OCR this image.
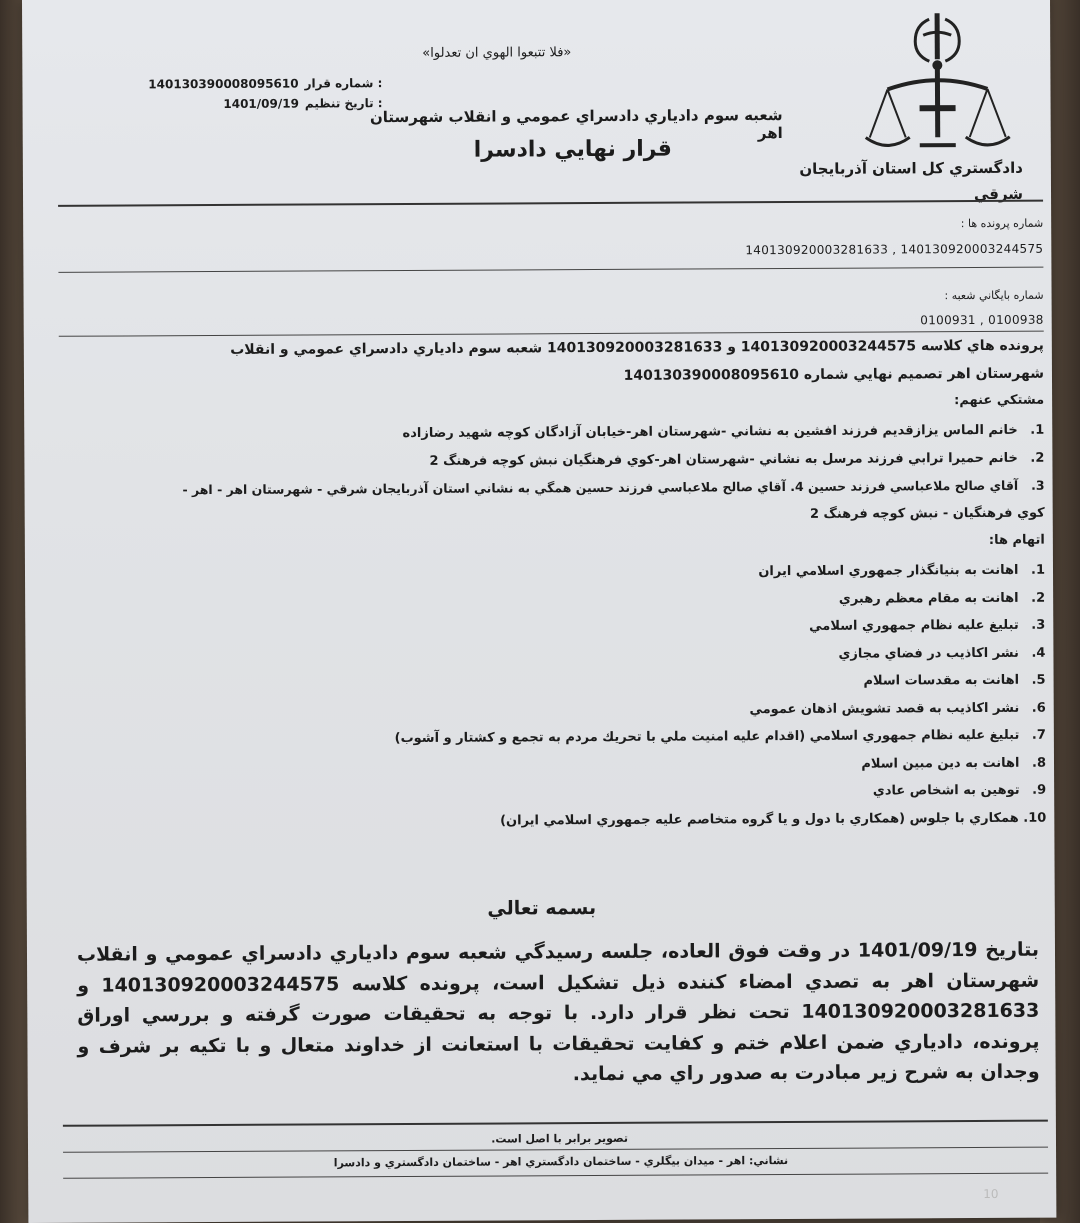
دادگستري كل استان آذربايجان
شرقي
«فلا تتبعوا الهوي ان تعدلوا»
شعبه سوم دادياري دادسراي عمومي و انقلاب شهرستان اهر
قرار نهايي دادسرا
140130390008095610 شماره قرار :
1401/09/19 تاريخ تنظيم :
شماره پرونده ها :
14013092000328163‪3 , 140130920003244575
شماره بايگاني شعبه :
0100938 , 0100931
پرونده هاي كلاسه 140130920003244575 و 140130920003281633 شعبه سوم دادياري دادسراي عمومي و انقلاب
شهرستان اهر تصميم نهايي شماره 140130390008095610
مشتكي عنهم:
1. خانم الماس يزازقديم فرزند افشين به نشاني -شهرستان اهر-خيابان آزادگان كوچه شهيد رضازاده
2. خانم حميرا ترابي فرزند مرسل به نشاني -شهرستان اهر-كوي فرهنگيان نبش كوچه فرهنگ 2
3. آقاي صالح ملاعباسي فرزند حسين 4. آقاي صالح ملاعباسي فرزند حسين همگي به نشاني استان آذربايجان شرقي - شهرستان اهر - اهر -
كوي فرهنگيان - نبش كوچه فرهنگ 2
اتهام ها:
1. اهانت به بنيانگذار جمهوري اسلامي ايران
2. اهانت به مقام معظم رهبري
3. تبليغ عليه نظام جمهوري اسلامي
4. نشر اكاذيب در فضاي مجازي
5. اهانت به مقدسات اسلام
6. نشر اكاذيب به قصد تشويش اذهان عمومي
7. تبليغ عليه نظام جمهوري اسلامي (اقدام عليه امنيت ملي با تحريك مردم به تجمع و كشتار و آشوب)
8. اهانت به دين مبين اسلام
9. توهين به اشخاص عادي
10. همكاري با جلوس (همكاري با دول و يا گروه متخاصم عليه جمهوري اسلامي ايران)
بسمه تعالي
بتاريخ 1401/09/19 در وقت فوق العاده، جلسه رسيدگي شعبه سوم دادياري دادسراي عمومي و انقلاب شهرستان اهر به تصدي امضاء كننده ذيل تشكيل است، پرونده كلاسه 140130920003244575 و 140130920003281633 تحت نظر قرار دارد. با توجه به تحقيقات صورت گرفته و بررسي اوراق پرونده، دادياري ضمن اعلام ختم و كفايت تحقيقات با استعانت از خداوند متعال و با تكيه بر شرف و وجدان به شرح زير مبادرت به صدور راي مي نمايد.
تصوير برابر با اصل است.
نشاني: اهر - ميدان بيگلري - ساختمان دادگستري اهر - ساختمان دادگستري و دادسرا
10
